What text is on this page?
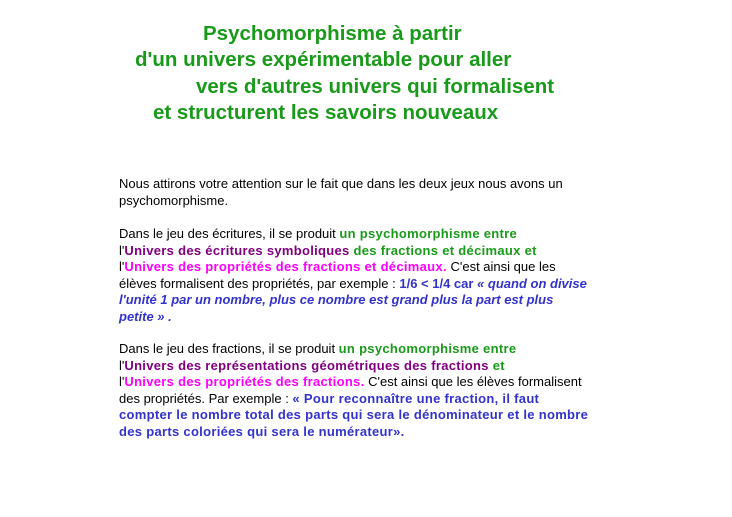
Psychomorphisme à partir
d'un univers expérimentable pour aller
vers d'autres univers qui formalisent
et structurent les savoirs nouveaux
Nous attirons votre attention sur le fait que dans les deux jeux nous avons un psychomorphisme.
Dans le jeu des écritures, il se produit un psychomorphisme entre
l'Univers des écritures symboliques des fractions et décimaux et
l'Univers des propriétés des fractions et décimaux. C'est ainsi que les élèves formalisent des propriétés, par exemple : 1/6 < 1/4 car « quand on divise l'unité 1 par un nombre, plus ce nombre est grand plus la part est plus petite » .
Dans le jeu des fractions, il se produit un psychomorphisme entre
l'Univers des représentations géométriques des fractions et
l'Univers des propriétés des fractions. C'est ainsi que les élèves formalisent des propriétés. Par exemple : « Pour reconnaître une fraction, il faut compter le nombre total des parts qui sera le dénominateur et le nombre des parts coloriées qui sera le numérateur».
